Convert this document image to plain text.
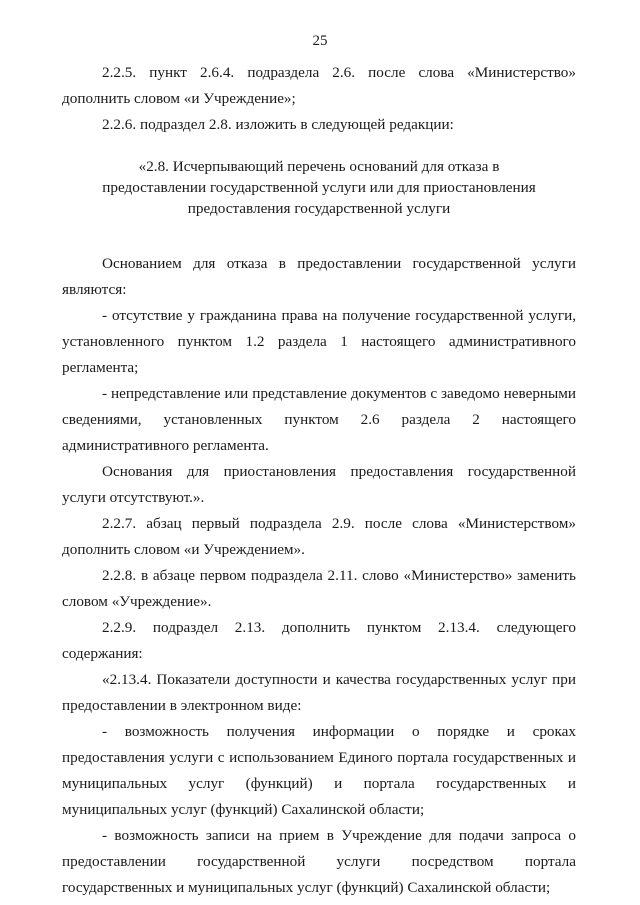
25

2.2.5. пункт 2.6.4. подраздела 2.6. после слова «Министерство» дополнить словом «и Учреждение»;

2.2.6. подраздел 2.8. изложить в следующей редакции:

«2.8. Исчерпывающий перечень оснований для отказа в предоставлении государственной услуги или для приостановления предоставления государственной услуги

Основанием для отказа в предоставлении государственной услуги являются:

- отсутствие у гражданина права на получение государственной услуги, установленного пунктом 1.2 раздела 1 настоящего административного регламента;

- непредставление или представление документов с заведомо неверными сведениями, установленных пунктом 2.6 раздела 2 настоящего административного регламента.

Основания для приостановления предоставления государственной услуги отсутствуют.».

2.2.7. абзац первый подраздела 2.9. после слова «Министерством» дополнить словом «и Учреждением».

2.2.8. в абзаце первом подраздела 2.11. слово «Министерство» заменить словом «Учреждение».

2.2.9. подраздел 2.13. дополнить пунктом 2.13.4. следующего содержания:

«2.13.4. Показатели доступности и качества государственных услуг при предоставлении в электронном виде:

- возможность получения информации о порядке и сроках предоставления услуги с использованием Единого портала государственных и муниципальных услуг (функций) и портала государственных и муниципальных услуг (функций) Сахалинской области;

- возможность записи на прием в Учреждение для подачи запроса о предоставлении государственной услуги посредством портала государственных и муниципальных услуг (функций) Сахалинской области;
